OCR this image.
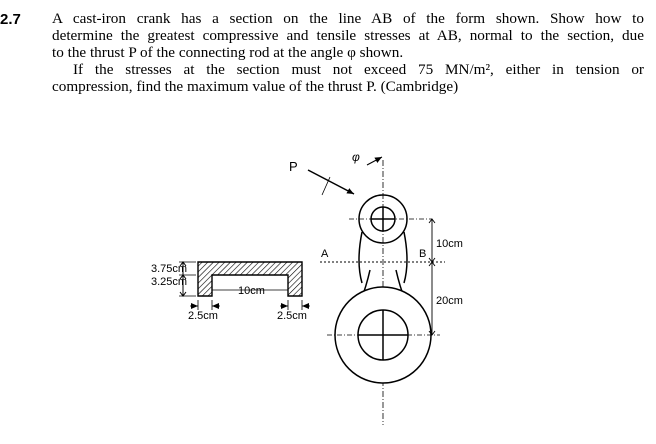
2.7 A cast-iron crank has a section on the line AB of the form shown. Show how to
determine the greatest compressive and tensile stresses at AB, normal to the section, due
to the thrust P of the connecting rod at the angle φ shown.
If the stresses at the section must not exceed 75 MN/m², either in tension or
compression, find the maximum value of the thrust P. (Cambridge)
P
φ
A	B
10cm
20cm
3.75cm
3.25cm
10cm
2.5cm	2.5cm
